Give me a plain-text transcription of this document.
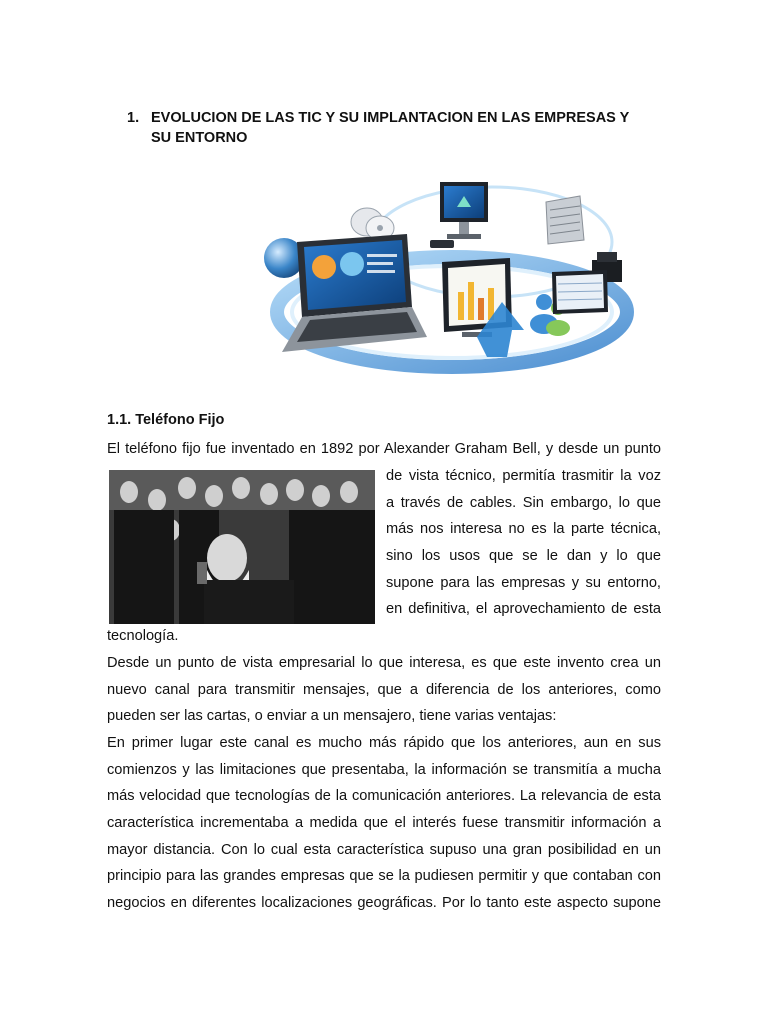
1. EVOLUCION DE LAS TIC Y SU IMPLANTACION EN LAS EMPRESAS Y
SU ENTORNO
1.1. Teléfono Fijo
El teléfono fijo fue inventado en 1892 por Alexander Graham Bell, y desde un punto
de vista técnico, permitía trasmitir la voz
a través de cables. Sin embargo, lo que
más nos interesa no es la parte técnica,
sino los usos que se le dan y lo que
supone para las empresas y su entorno,
en definitiva, el aprovechamiento de esta
tecnología.
Desde un punto de vista empresarial lo que interesa, es que este invento crea un
nuevo canal para transmitir mensajes, que a diferencia de los anteriores, como
pueden ser las cartas, o enviar a un mensajero, tiene varias ventajas:
En primer lugar este canal es mucho más rápido que los anteriores, aun en sus
comienzos y las limitaciones que presentaba, la información se transmitía a mucha
más velocidad que tecnologías de la comunicación anteriores. La relevancia de esta
característica incrementaba a medida que el interés fuese transmitir información a
mayor distancia. Con lo cual esta característica supuso una gran posibilidad en un
principio para las grandes empresas que se la pudiesen permitir y que contaban con
negocios en diferentes localizaciones geográficas. Por lo tanto este aspecto supone
